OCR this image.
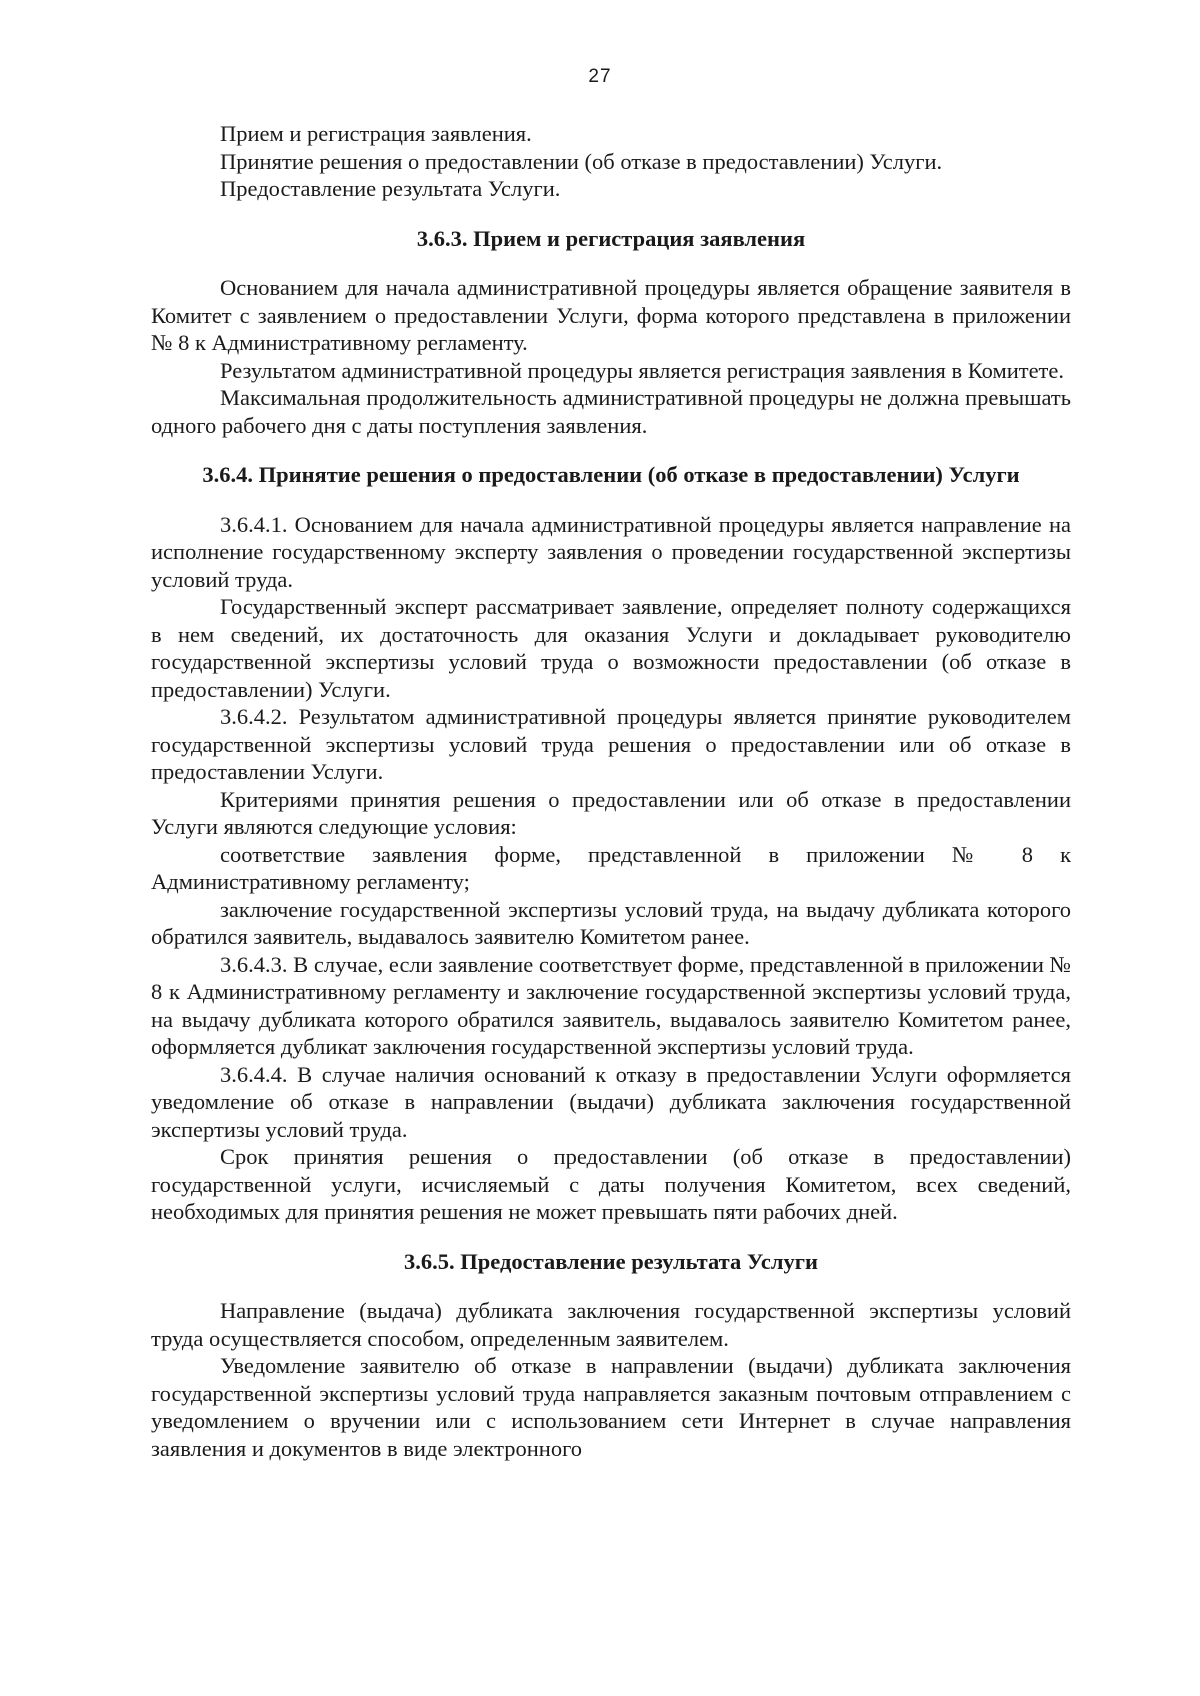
27

Прием и регистрация заявления.

Принятие решения о предоставлении (об отказе в предоставлении) Услуги.

Предоставление результата Услуги.

3.6.3. Прием и регистрация заявления

Основанием для начала административной процедуры является обращение заявителя в Комитет с заявлением о предоставлении Услуги, форма которого представлена в приложении № 8 к Административному регламенту.

Результатом административной процедуры является регистрация заявления в Комитете.

Максимальная продолжительность административной процедуры не должна превышать одного рабочего дня с даты поступления заявления.

3.6.4. Принятие решения о предоставлении (об отказе в предоставлении) Услуги

3.6.4.1. Основанием для начала административной процедуры является направление на исполнение государственному эксперту заявления о проведении государственной экспертизы условий труда.

Государственный эксперт рассматривает заявление, определяет полноту содержащихся в нем сведений, их достаточность для оказания Услуги и докладывает руководителю государственной экспертизы условий труда о возможности предоставлении (об отказе в предоставлении) Услуги.

3.6.4.2. Результатом административной процедуры является принятие руководителем государственной экспертизы условий труда решения о предоставлении или об отказе в предоставлении Услуги.

Критериями принятия решения о предоставлении или об отказе в предоставлении Услуги являются следующие условия:

соответствие заявления форме, представленной в приложении № 8 к Административному регламенту;

заключение государственной экспертизы условий труда, на выдачу дубликата которого обратился заявитель, выдавалось заявителю Комитетом ранее.

3.6.4.3. В случае, если заявление соответствует форме, представленной в приложении № 8 к Административному регламенту и заключение государственной экспертизы условий труда, на выдачу дубликата которого обратился заявитель, выдавалось заявителю Комитетом ранее, оформляется дубликат заключения государственной экспертизы условий труда.

3.6.4.4. В случае наличия оснований к отказу в предоставлении Услуги оформляется уведомление об отказе в направлении (выдачи) дубликата заключения государственной экспертизы условий труда.

Срок принятия решения о предоставлении (об отказе в предоставлении) государственной услуги, исчисляемый с даты получения Комитетом, всех сведений, необходимых для принятия решения не может превышать пяти рабочих дней.

3.6.5. Предоставление результата Услуги

Направление (выдача) дубликата заключения государственной экспертизы условий труда осуществляется способом, определенным заявителем.

Уведомление заявителю об отказе в направлении (выдачи) дубликата заключения государственной экспертизы условий труда направляется заказным почтовым отправлением с уведомлением о вручении или с использованием сети Интернет в случае направления заявления и документов в виде электронного
